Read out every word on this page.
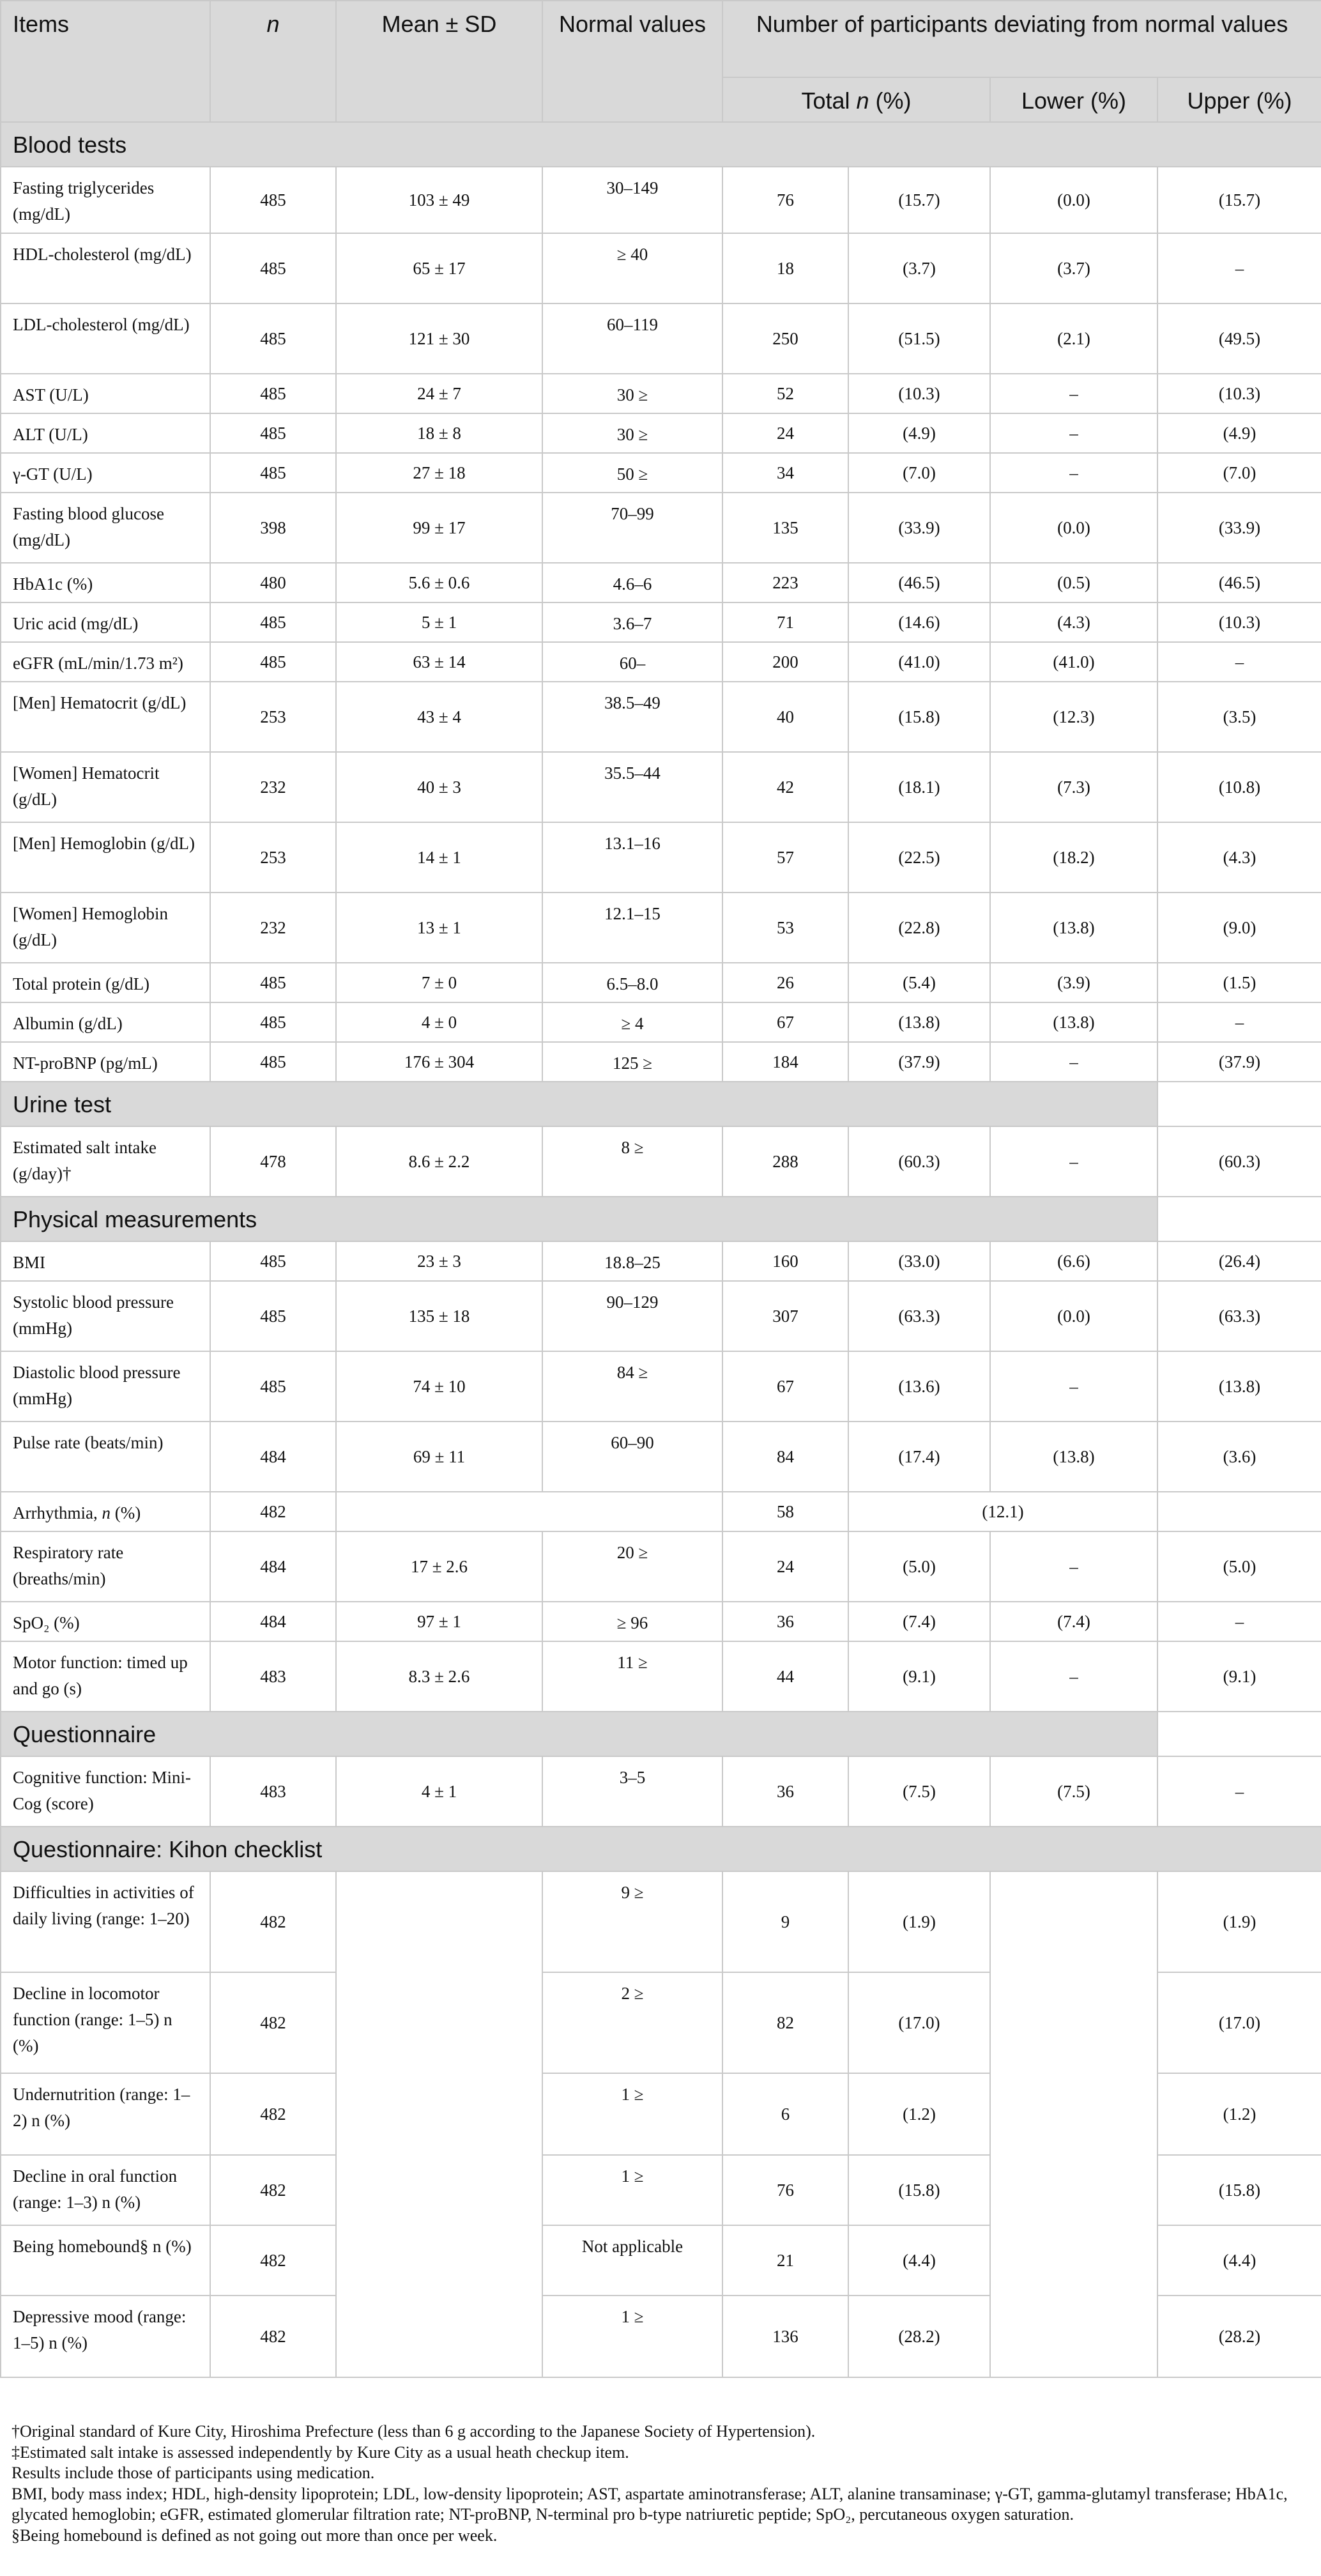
Items	n	Mean ± SD	Normal values	Number of participants deviating from normal values			
				Total n (%)		Lower (%)	Upper (%)
Blood tests							
Fasting triglycerides (mg/dL)	485	103 ± 49	30–149	76	(15.7)	(0.0)	(15.7)
HDL-cholesterol (mg/dL)	485	65 ± 17	≥ 40	18	(3.7)	(3.7)	–
LDL-cholesterol (mg/dL)	485	121 ± 30	60–119	250	(51.5)	(2.1)	(49.5)
AST (U/L)	485	24 ± 7	30 ≥	52	(10.3)	–	(10.3)
ALT (U/L)	485	18 ± 8	30 ≥	24	(4.9)	–	(4.9)
γ-GT (U/L)	485	27 ± 18	50 ≥	34	(7.0)	–	(7.0)
Fasting blood glucose (mg/dL)	398	99 ± 17	70–99	135	(33.9)	(0.0)	(33.9)
HbA1c (%)	480	5.6 ± 0.6	4.6–6	223	(46.5)	(0.5)	(46.5)
Uric acid (mg/dL)	485	5 ± 1	3.6–7	71	(14.6)	(4.3)	(10.3)
eGFR (mL/min/1.73 m²)	485	63 ± 14	60–	200	(41.0)	(41.0)	–
[Men] Hematocrit (g/dL)	253	43 ± 4	38.5–49	40	(15.8)	(12.3)	(3.5)
[Women] Hematocrit (g/dL)	232	40 ± 3	35.5–44	42	(18.1)	(7.3)	(10.8)
[Men] Hemoglobin (g/dL)	253	14 ± 1	13.1–16	57	(22.5)	(18.2)	(4.3)
[Women] Hemoglobin (g/dL)	232	13 ± 1	12.1–15	53	(22.8)	(13.8)	(9.0)
Total protein (g/dL)	485	7 ± 0	6.5–8.0	26	(5.4)	(3.9)	(1.5)
Albumin (g/dL)	485	4 ± 0	≥ 4	67	(13.8)	(13.8)	–
NT-proBNP (pg/mL)	485	176 ± 304	125 ≥	184	(37.9)	–	(37.9)
Urine test							
Estimated salt intake (g/day)†	478	8.6 ± 2.2	8 ≥	288	(60.3)	–	(60.3)
Physical measurements							
BMI	485	23 ± 3	18.8–25	160	(33.0)	(6.6)	(26.4)
Systolic blood pressure (mmHg)	485	135 ± 18	90–129	307	(63.3)	(0.0)	(63.3)
Diastolic blood pressure (mmHg)	485	74 ± 10	84 ≥	67	(13.6)	–	(13.8)
Pulse rate (beats/min)	484	69 ± 11	60–90	84	(17.4)	(13.8)	(3.6)
Arrhythmia, n (%)	482			58	(12.1)		
Respiratory rate (breaths/min)	484	17 ± 2.6	20 ≥	24	(5.0)	–	(5.0)
SpO₂ (%)	484	97 ± 1	≥ 96	36	(7.4)	(7.4)	–
Motor function: timed up and go (s)	483	8.3 ± 2.6	11 ≥	44	(9.1)	–	(9.1)
Questionnaire							
Cognitive function: Mini-Cog (score)	483	4 ± 1	3–5	36	(7.5)	(7.5)	–
Questionnaire: Kihon checklist							
Difficulties in activities of daily living (range: 1–20)	482		9 ≥	9	(1.9)		(1.9)
Decline in locomotor function (range: 1–5) n (%)	482		2 ≥	82	(17.0)		(17.0)
Undernutrition (range: 1–2) n (%)	482		1 ≥	6	(1.2)		(1.2)
Decline in oral function (range: 1–3) n (%)	482		1 ≥	76	(15.8)		(15.8)
Being homebound§ n (%)	482		Not applicable	21	(4.4)		(4.4)
Depressive mood (range: 1–5) n (%)	482		1 ≥	136	(28.2)		(28.2)

†Original standard of Kure City, Hiroshima Prefecture (less than 6 g according to the Japanese Society of Hypertension).

‡Estimated salt intake is assessed independently by Kure City as a usual heath checkup item.

Results include those of participants using medication.

BMI, body mass index; HDL, high-density lipoprotein; LDL, low-density lipoprotein; AST, aspartate aminotransferase; ALT, alanine transaminase; γ-GT, gamma-glutamyl transferase; HbA1c, glycated hemoglobin; eGFR, estimated glomerular filtration rate; NT-proBNP, N-terminal pro b-type natriuretic peptide; SpO₂, percutaneous oxygen saturation.

§Being homebound is defined as not going out more than once per week.
